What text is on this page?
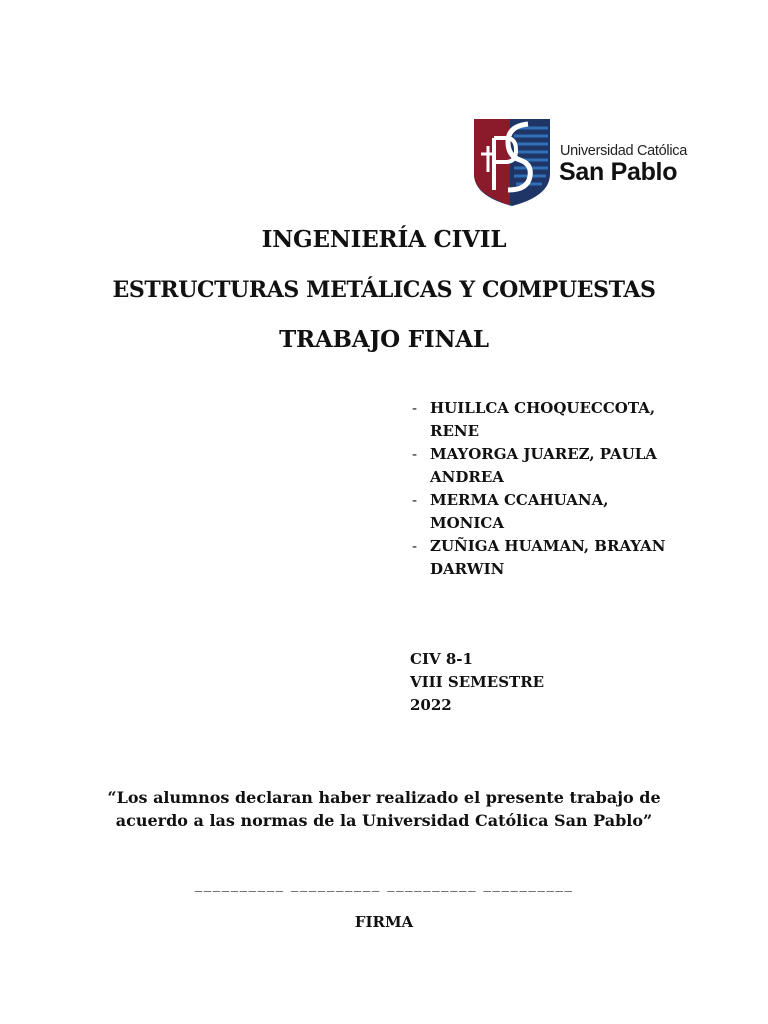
Universidad Católica
San Pablo
INGENIERÍA CIVIL
ESTRUCTURAS METÁLICAS Y COMPUESTAS
TRABAJO FINAL
- HUILLCA CHOQUECCOTA, RENE
- MAYORGA JUAREZ, PAULA ANDREA
- MERMA CCAHUANA, MONICA
- ZUÑIGA HUAMAN, BRAYAN DARWIN
CIV 8-1
VIII SEMESTRE
2022
“Los alumnos declaran haber realizado el presente trabajo de
acuerdo a las normas de la Universidad Católica San Pablo”
__________ __________ __________ __________
FIRMA
